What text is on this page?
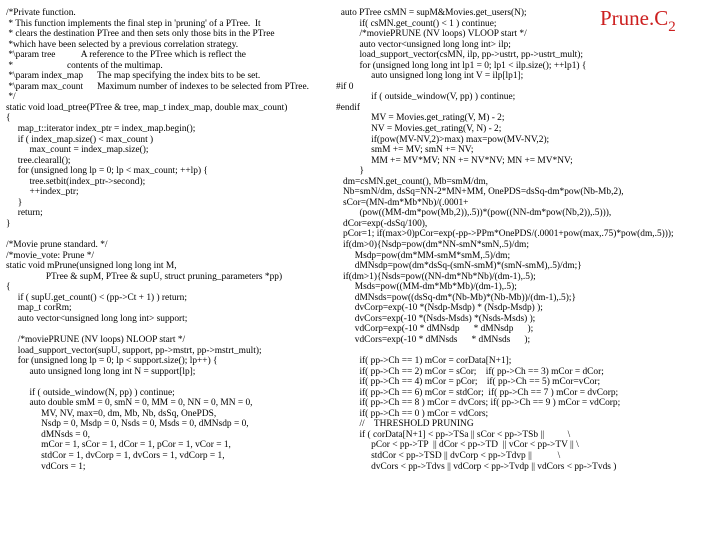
$Prune.C_2$
/*Private function.
* This function implements the final step in 'pruning' of a PTree.  It
* clears the destination PTree and then sets only those bits in the PTree
*which have been selected by a previous correlation strategy.
*\param tree           A reference to the PTree which is reflect the
*                       contents of the multimap.
*\param index_map      The map specifying the index bits to be set.
*\param max_count      Maximum number of indexes to be selected from PTree.
*/
static void load_ptree(PTree & tree, map_t index_map, double max_count)
{
map_t::iterator index_ptr = index_map.begin();
if ( index_map.size() < max_count )
max_count = index_map.size();
tree.clearall();
for (unsigned long lp = 0; lp < max_count; ++lp) {
tree.setbit(index_ptr->second);
++index_ptr;
}
return;
}

/*Movie prune standard. */
/*movie_vote: Prune */
static void mPrune(unsigned long long int M,
PTree & supM, PTree & supU, struct pruning_parameters *pp)
{
if ( supU.get_count() < (pp->Ct + 1) ) return;
map_t corRm;
auto vector<unsigned long long int> support;

/*moviePRUNE (NV loops) NLOOP start */
load_support_vector(supU, support, pp->mstrt, pp->mstrt_mult);
for (unsigned long lp = 0; lp < support.size(); lp++) {
auto unsigned long long int N = support[lp];

if ( outside_window(N, pp) ) continue;
auto double smM = 0, smN = 0, MM = 0, NN = 0, MN = 0,
MV, NV, max=0, dm, Mb, Nb, dsSq, OnePDS,
Nsdp = 0, Msdp = 0, Nsds = 0, Msds = 0, dMNsdp = 0,
dMNsds = 0,
mCor = 1, sCor = 1, dCor = 1, pCor = 1, vCor = 1,
stdCor = 1, dvCorp = 1, dvCors = 1, vdCorp = 1,
vdCors = 1;
auto PTree csMN = supM&Movies.get_users(N);
if( csMN.get_count() < 1 ) continue;
/*moviePRUNE (NV loops) VLOOP start */
auto vector<unsigned long long int> ilp;
load_support_vector(csMN, ilp, pp->ustrt, pp->ustrt_mult);
for (unsigned long long int lp1 = 0; lp1 < ilp.size(); ++lp1) {
auto unsigned long long int V = ilp[lp1];
#if 0
if ( outside_window(V, pp) ) continue;
#endif
MV = Movies.get_rating(V, M) - 2;
NV = Movies.get_rating(V, N) - 2;
if(pow(MV-NV,2)>max) max=pow(MV-NV,2);
smM += MV; smN += NV;
MM += MV*MV; NN += NV*NV; MN += MV*NV;
}
dm=csMN.get_count(), Mb=smM/dm,
Nb=smN/dm, dsSq=NN-2*MN+MM, OnePDS=dsSq-dm*pow(Nb-Mb,2),
sCor=(MN-dm*Mb*Nb)/(.0001+
(pow((MM-dm*pow(Mb,2)),.5))*(pow((NN-dm*pow(Nb,2)),.5))),
dCor=exp(-dsSq/100),
pCor=1; if(max>0)pCor=exp(-pp->PPm*OnePDS/(.0001+pow(max,.75)*pow(dm,.5)));
if(dm>0){Nsdp=pow(dm*NN-smN*smN,.5)/dm;
Msdp=pow(dm*MM-smM*smM,.5)/dm;
dMNsdp=pow(dm*dsSq-(smN-smM)*(smN-smM),.5)/dm;}
if(dm>1){Nsds=pow((NN-dm*Nb*Nb)/(dm-1),.5);
Msds=pow((MM-dm*Mb*Mb)/(dm-1),.5);
dMNsds=pow((dsSq-dm*(Nb-Mb)*(Nb-Mb))/(dm-1),.5);}
dvCorp=exp(-10 *(Nsdp-Msdp) * (Nsdp-Msdp) );
dvCors=exp(-10 *(Nsds-Msds) *(Nsds-Msds) );
vdCorp=exp(-10 * dMNsdp      * dMNsdp      );
vdCors=exp(-10 * dMNsds      * dMNsds      );

if( pp->Ch == 1) mCor = corData[N+1];
if( pp->Ch == 2) mCor = sCor;    if( pp->Ch == 3) mCor = dCor;
if( pp->Ch == 4) mCor = pCor;    if( pp->Ch == 5) mCor=vCor;
if( pp->Ch == 6) mCor = stdCor;  if( pp->Ch == 7 ) mCor = dvCorp;
if( pp->Ch == 8 ) mCor = dvCors; if( pp->Ch == 9 ) mCor = vdCorp;
if( pp->Ch == 0 ) mCor = vdCors;
//    THRESHOLD PRUNING
if ( corData[N+1] < pp->TSa || sCor < pp->TSb ||          \
pCor < pp->TP  || dCor < pp->TD  || vCor < pp->TV || \
stdCor < pp->TSD || dvCorp < pp->Tdvp ||           \
dvCors < pp->Tdvs || vdCorp < pp->Tvdp || vdCors < pp->Tvds )
